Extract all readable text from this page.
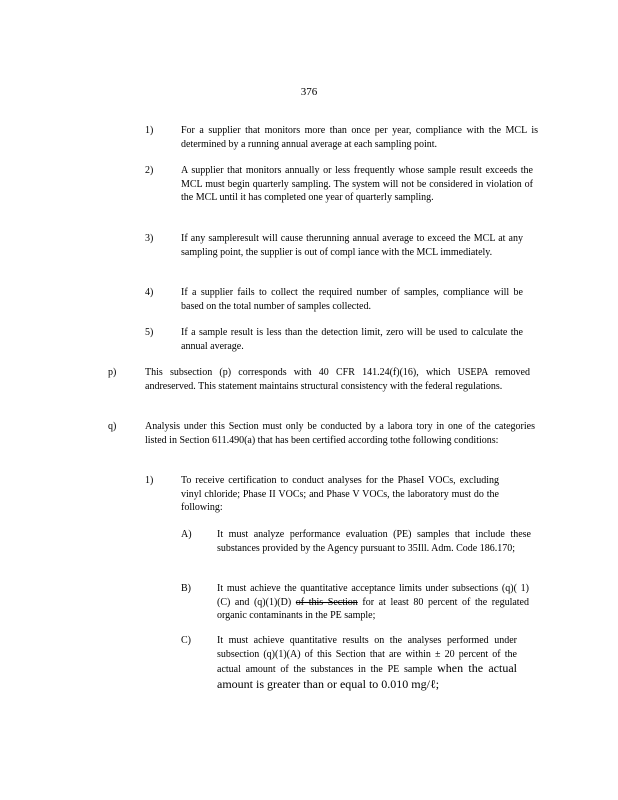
376
1)	For a supplier that monitors more than once per year, compliance with the MCL is determined by a running annual average at each sampling point.
2)	A supplier that monitors annually or less frequently whose sample result exceeds the MCL must begin quarterly sampling. The system will not be considered in violation of the MCL until it has completed one year of quarterly sampling.
3)	If any sampleresult will cause therunning annual average to exceed the MCL at any sampling point, the supplier is out of compl iance with the MCL immediately.
4)	If a supplier fails to collect the required number of samples, compliance will be based on the total number of samples collected.
5)	If a sample result is less than the detection limit, zero will be used to calculate the annual average.
p)	This subsection (p) corresponds with 40 CFR 141.24(f)(16), which USEPA removed andreserved. This statement maintains structural consistency with the federal regulations.
q)	Analysis under this Section must only be conducted by a labora tory in one of the categories listed in Section 611.490(a) that has been certified according tothe following conditions:
1)	To receive certification to conduct analyses for the PhaseI VOCs, excluding vinyl chloride; Phase II VOCs; and Phase V VOCs, the laboratory must do the following:
A)	It must analyze performance evaluation (PE) samples that include these substances provided by the Agency pursuant to 35Ill. Adm. Code 186.170;
B)	It must achieve the quantitative acceptance limits under subsections (q)( 1)(C) and (q)(1)(D) of this Section for at least 80 percent of the regulated organic contaminants in the PE sample;
C)	It must achieve quantitative results on the analyses performed under subsection (q)(1)(A) of this Section that are within ± 20 percent of the actual amount of the substances in the PE sample when the actual amount is greater than or equal to 0.010 mg/ℓ;
